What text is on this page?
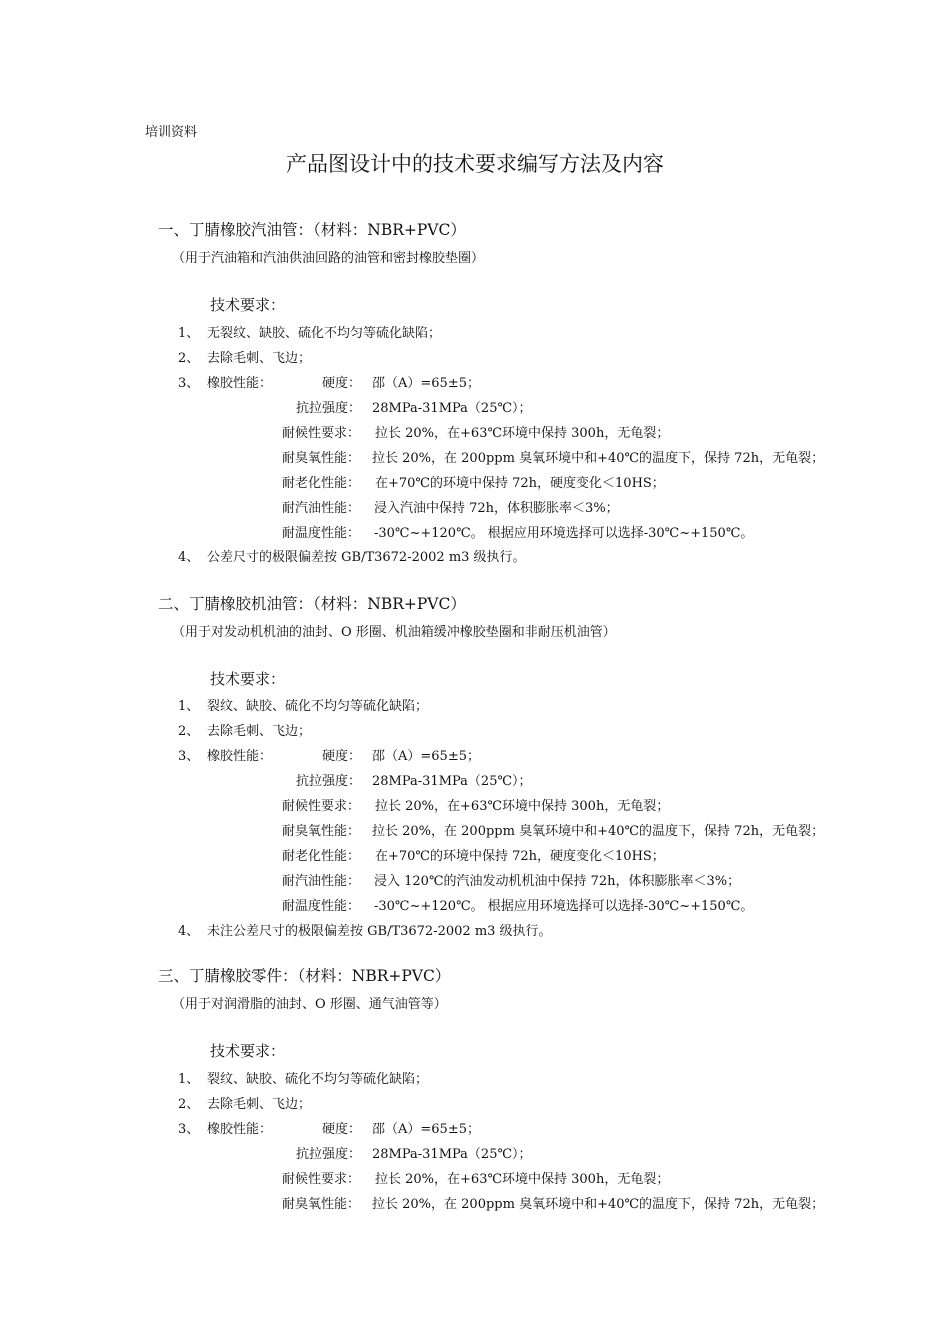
培训资料
产品图设计中的技术要求编写方法及内容
一、丁腈橡胶汽油管：（材料：NBR+PVC）
（用于汽油箱和汽油供油回路的油管和密封橡胶垫圈）
技术要求：
1、 无裂纹、缺胶、硫化不均匀等硫化缺陷；
2、 去除毛刺、飞边；
3、 橡胶性能：	硬度： 邵（A）=65±5；
抗拉强度： 28MPa-31MPa（25℃）；
耐候性要求： 拉长 20%，在+63℃环境中保持 300h，无龟裂；
耐臭氧性能： 拉长 20%，在 200ppm 臭氧环境中和+40℃的温度下，保持 72h，无龟裂；
耐老化性能： 在+70℃的环境中保持 72h，硬度变化＜10HS；
耐汽油性能： 浸入汽油中保持 72h，体积膨胀率＜3%；
耐温度性能： -30℃~+120℃。 根据应用环境选择可以选择-30℃~+150℃。
4、 公差尺寸的极限偏差按 GB/T3672-2002 m3 级执行。
二、丁腈橡胶机油管：（材料：NBR+PVC）
（用于对发动机机油的油封、O 形圈、机油箱缓冲橡胶垫圈和非耐压机油管）
技术要求：
1、 裂纹、缺胶、硫化不均匀等硫化缺陷；
2、 去除毛刺、飞边；
3、 橡胶性能：	硬度： 邵（A）=65±5；
抗拉强度： 28MPa-31MPa（25℃）；
耐候性要求： 拉长 20%，在+63℃环境中保持 300h，无龟裂；
耐臭氧性能： 拉长 20%，在 200ppm 臭氧环境中和+40℃的温度下，保持 72h，无龟裂；
耐老化性能： 在+70℃的环境中保持 72h，硬度变化＜10HS；
耐汽油性能： 浸入 120℃的汽油发动机机油中保持 72h，体积膨胀率＜3%；
耐温度性能： -30℃~+120℃。 根据应用环境选择可以选择-30℃~+150℃。
4、 未注公差尺寸的极限偏差按 GB/T3672-2002 m3 级执行。
三、丁腈橡胶零件：（材料：NBR+PVC）
（用于对润滑脂的油封、O 形圈、通气油管等）
技术要求：
1、 裂纹、缺胶、硫化不均匀等硫化缺陷；
2、 去除毛刺、飞边；
3、 橡胶性能：	硬度： 邵（A）=65±5；
抗拉强度： 28MPa-31MPa（25℃）；
耐候性要求： 拉长 20%，在+63℃环境中保持 300h，无龟裂；
耐臭氧性能： 拉长 20%，在 200ppm 臭氧环境中和+40℃的温度下，保持 72h，无龟裂；
